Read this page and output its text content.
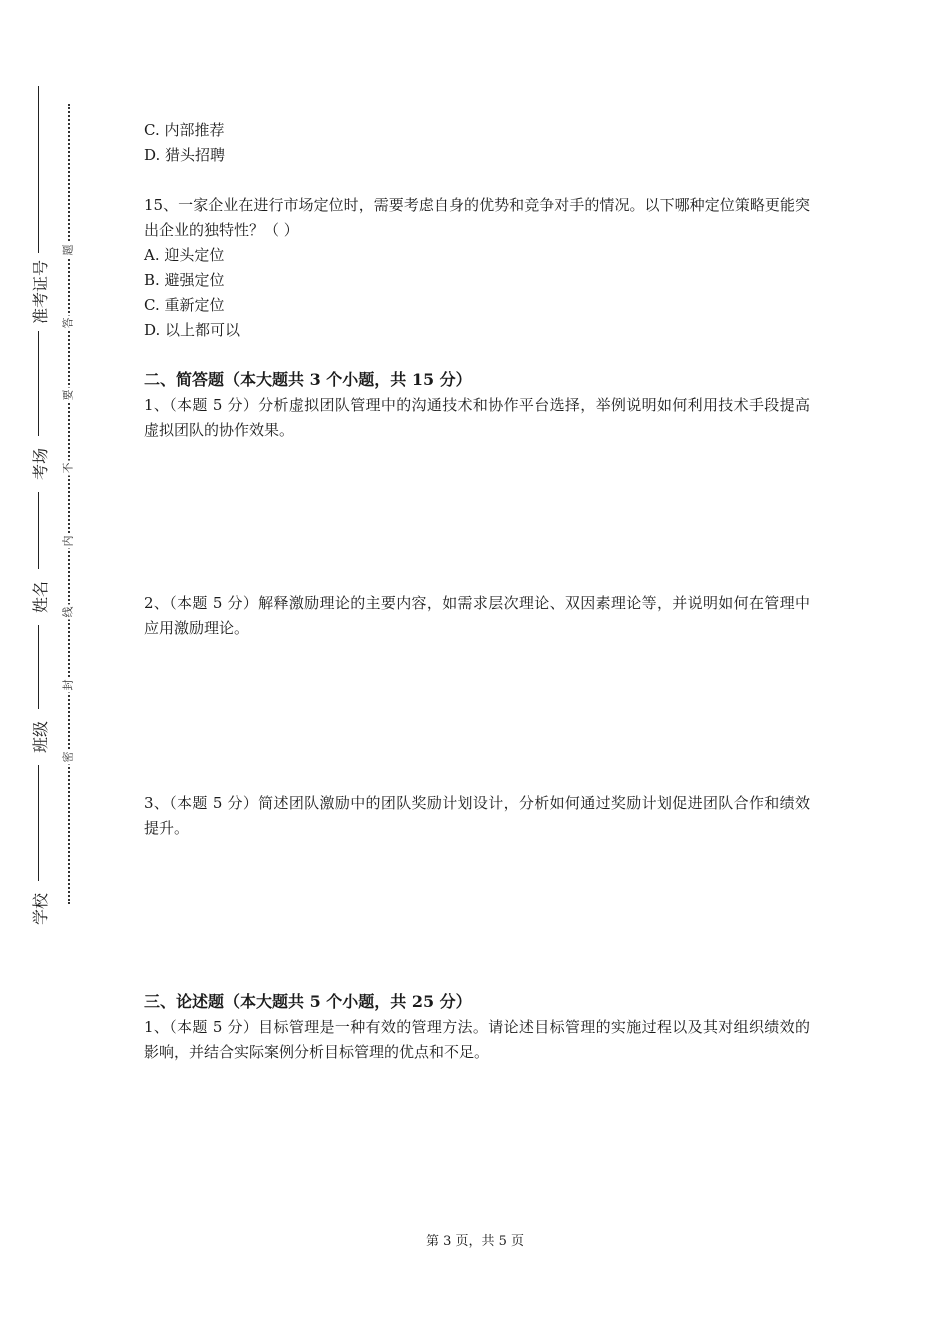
准考证号
考场
姓名
班级
学校
题
答
要
不
内
线
封
密
C. 内部推荐
D. 猎头招聘
15、一家企业在进行市场定位时，需要考虑自身的优势和竞争对手的情况。以下哪种定位策略更能突出企业的独特性？（ ）
A. 迎头定位
B. 避强定位
C. 重新定位
D. 以上都可以
二、简答题（本大题共 3 个小题，共 15 分）
1、（本题 5 分）分析虚拟团队管理中的沟通技术和协作平台选择，举例说明如何利用技术手段提高虚拟团队的协作效果。
2、（本题 5 分）解释激励理论的主要内容，如需求层次理论、双因素理论等，并说明如何在管理中应用激励理论。
3、（本题 5 分）简述团队激励中的团队奖励计划设计，分析如何通过奖励计划促进团队合作和绩效提升。
三、论述题（本大题共 5 个小题，共 25 分）
1、（本题 5 分）目标管理是一种有效的管理方法。请论述目标管理的实施过程以及其对组织绩效的影响，并结合实际案例分析目标管理的优点和不足。
第 3 页，共 5 页
